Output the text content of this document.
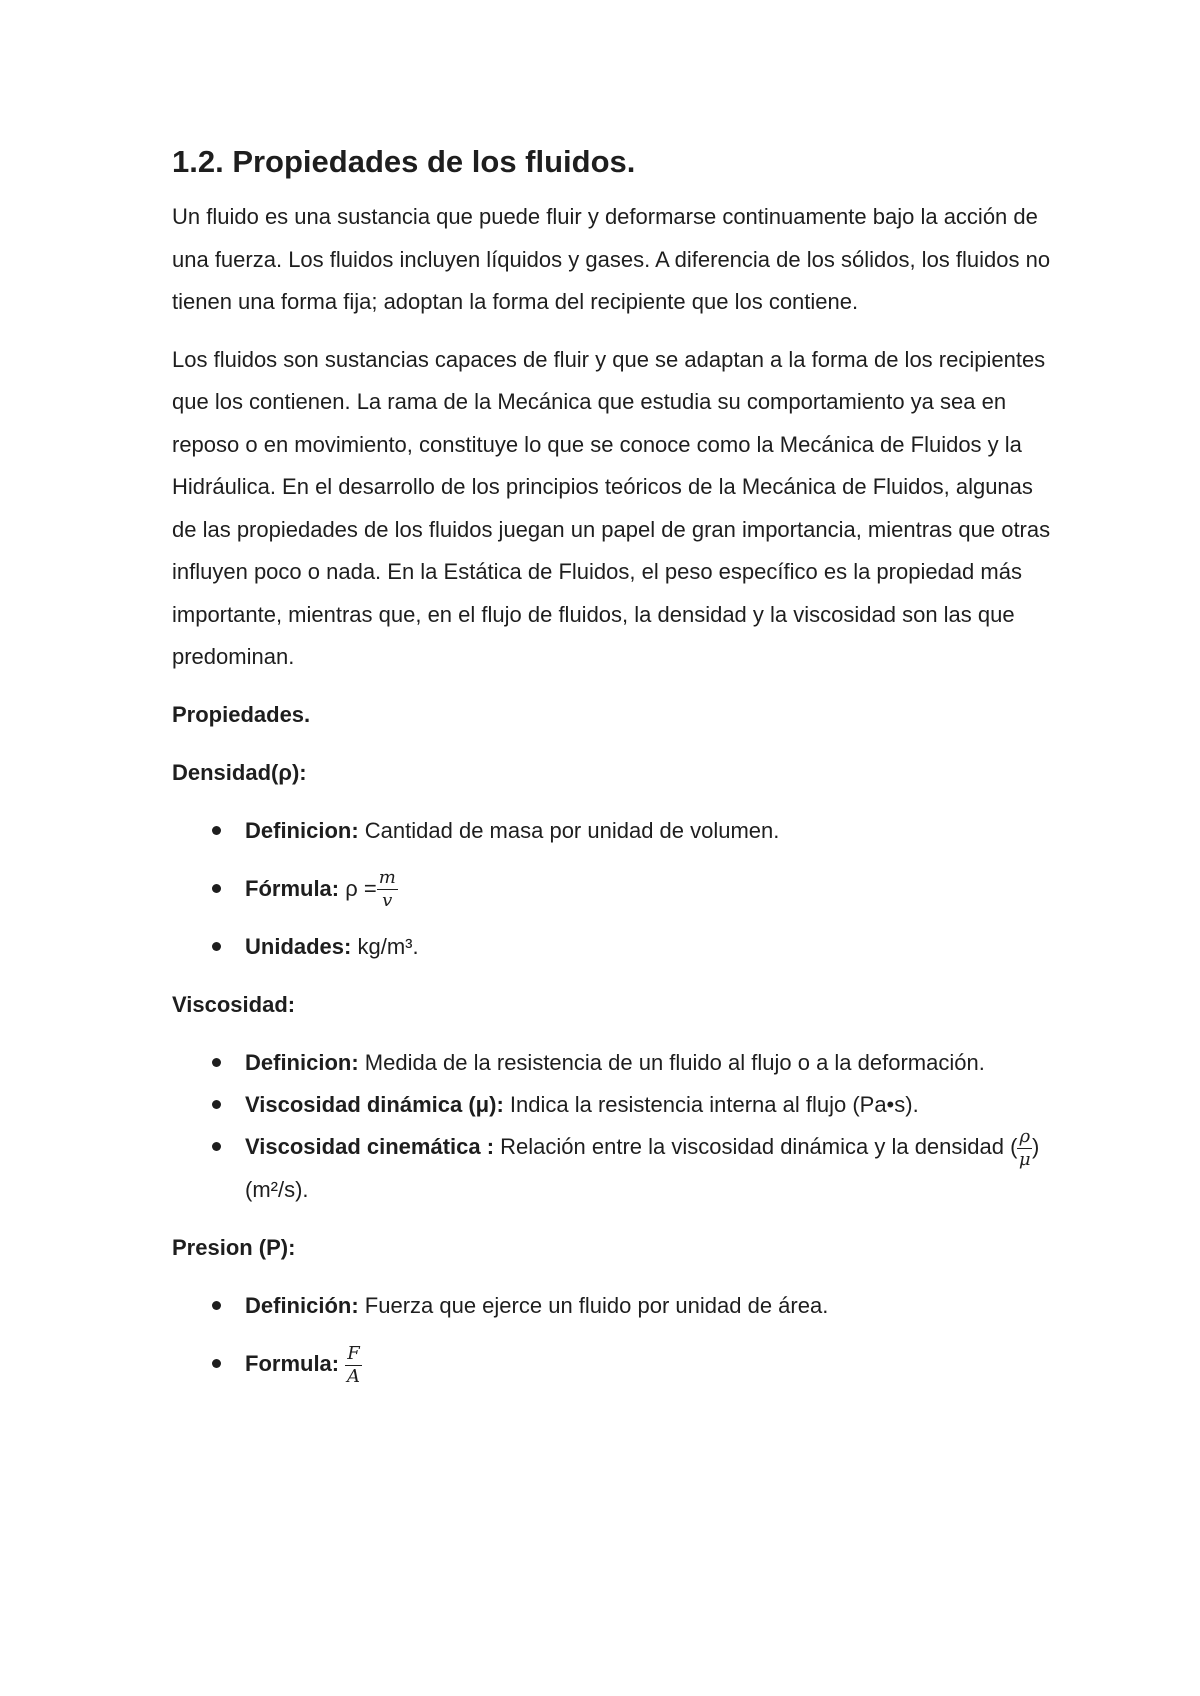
1.2. Propiedades de los fluidos.

Un fluido es una sustancia que puede fluir y deformarse continuamente bajo la acción de una fuerza. Los fluidos incluyen líquidos y gases. A diferencia de los sólidos, los fluidos no tienen una forma fija; adoptan la forma del recipiente que los contiene.

Los fluidos son sustancias capaces de fluir y que se adaptan a la forma de los recipientes que los contienen. La rama de la Mecánica que estudia su comportamiento ya sea en reposo o en movimiento, constituye lo que se conoce como la Mecánica de Fluidos y la Hidráulica. En el desarrollo de los principios teóricos de la Mecánica de Fluidos, algunas de las propiedades de los fluidos juegan un papel de gran importancia, mientras que otras influyen poco o nada. En la Estática de Fluidos, el peso específico es la propiedad más importante, mientras que, en el flujo de fluidos, la densidad y la viscosidad son las que predominan.

Propiedades.
Densidad(ρ):
Definicion: Cantidad de masa por unidad de volumen.
Fórmula: $\rho = \frac{m}{v}$
Unidades: kg/m³.
Viscosidad:
Definicion: Medida de la resistencia de un fluido al flujo o a la deformación.
Viscosidad dinámica (μ): Indica la resistencia interna al flujo (Pa•s).
Viscosidad cinemática : Relación entre la viscosidad dinámica y la densidad ( $\frac{\rho}{\mu}$ ) (m²/s).
Presion (P):
Definición: Fuerza que ejerce un fluido por unidad de área.
Formula: $\frac{F}{A}$
